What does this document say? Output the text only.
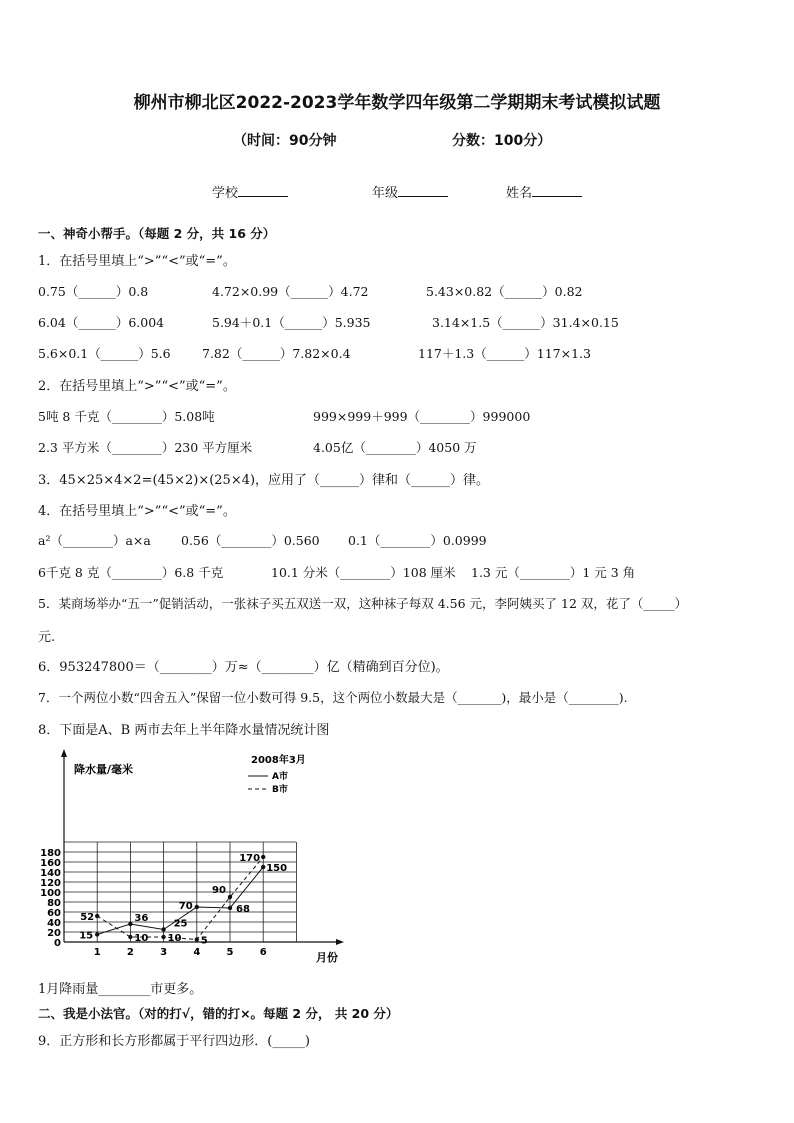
柳州市柳北区2022-2023学年数学四年级第二学期期末考试模拟试题
（时间：90分钟	分数：100分）
学校	年级	姓名
一、神奇小帮手。（每题 2 分，共 16 分）
1．在括号里填上“>”“<”或“=”。
0.75（______）0.8	4.72×0.99（______）4.72	5.43×0.82（______）0.82
6.04（______）6.004	5.94＋0.1（______）5.935	3.14×1.5（______）31.4×0.15
5.6×0.1（______）5.6	7.82（______）7.82×0.4	117＋1.3（______）117×1.3
2．在括号里填上“>”“<”或“=”。
5吨 8 千克（________）5.08吨	999×999＋999（________）999000
2.3 平方米（________）230 平方厘米	4.05亿（________）4050 万
3．45×25×4×2=(45×2)×(25×4)，应用了（______）律和（______）律。
4．在括号里填上“>”“<”或“=”。
a²（________）a×a 0.56（________）0.560 0.1（________）0.0999
6千克 8 克（________）6.8 千克	10.1 分米（________）108 厘米 1.3 元（________）1 元 3 角
5．某商场举办“五一”促销活动，一张袜子买五双送一双，这种袜子每双 4.56 元，李阿姨买了 12 双，花了（_____）
元.
6．953247800＝（________）万≈（________）亿（精确到百分位)。
7．一个两位小数“四舍五入”保留一位小数可得 9.5，这个两位小数最大是（_______)，最小是（________).
8．下面是A、B 两市去年上半年降水量情况统计图
降水量/毫米
2008年3月
A市
B市
0
20
40
60
80
100
120
140
160
180
1	2	3	4	5	6
15
36	25
70	68
150
52
10 10 5
90
170
月份
1月降雨量________市更多。
二、我是小法官。（对的打√，错的打×。每题 2 分， 共 20 分）
9．正方形和长方形都属于平行四边形．(_____)
